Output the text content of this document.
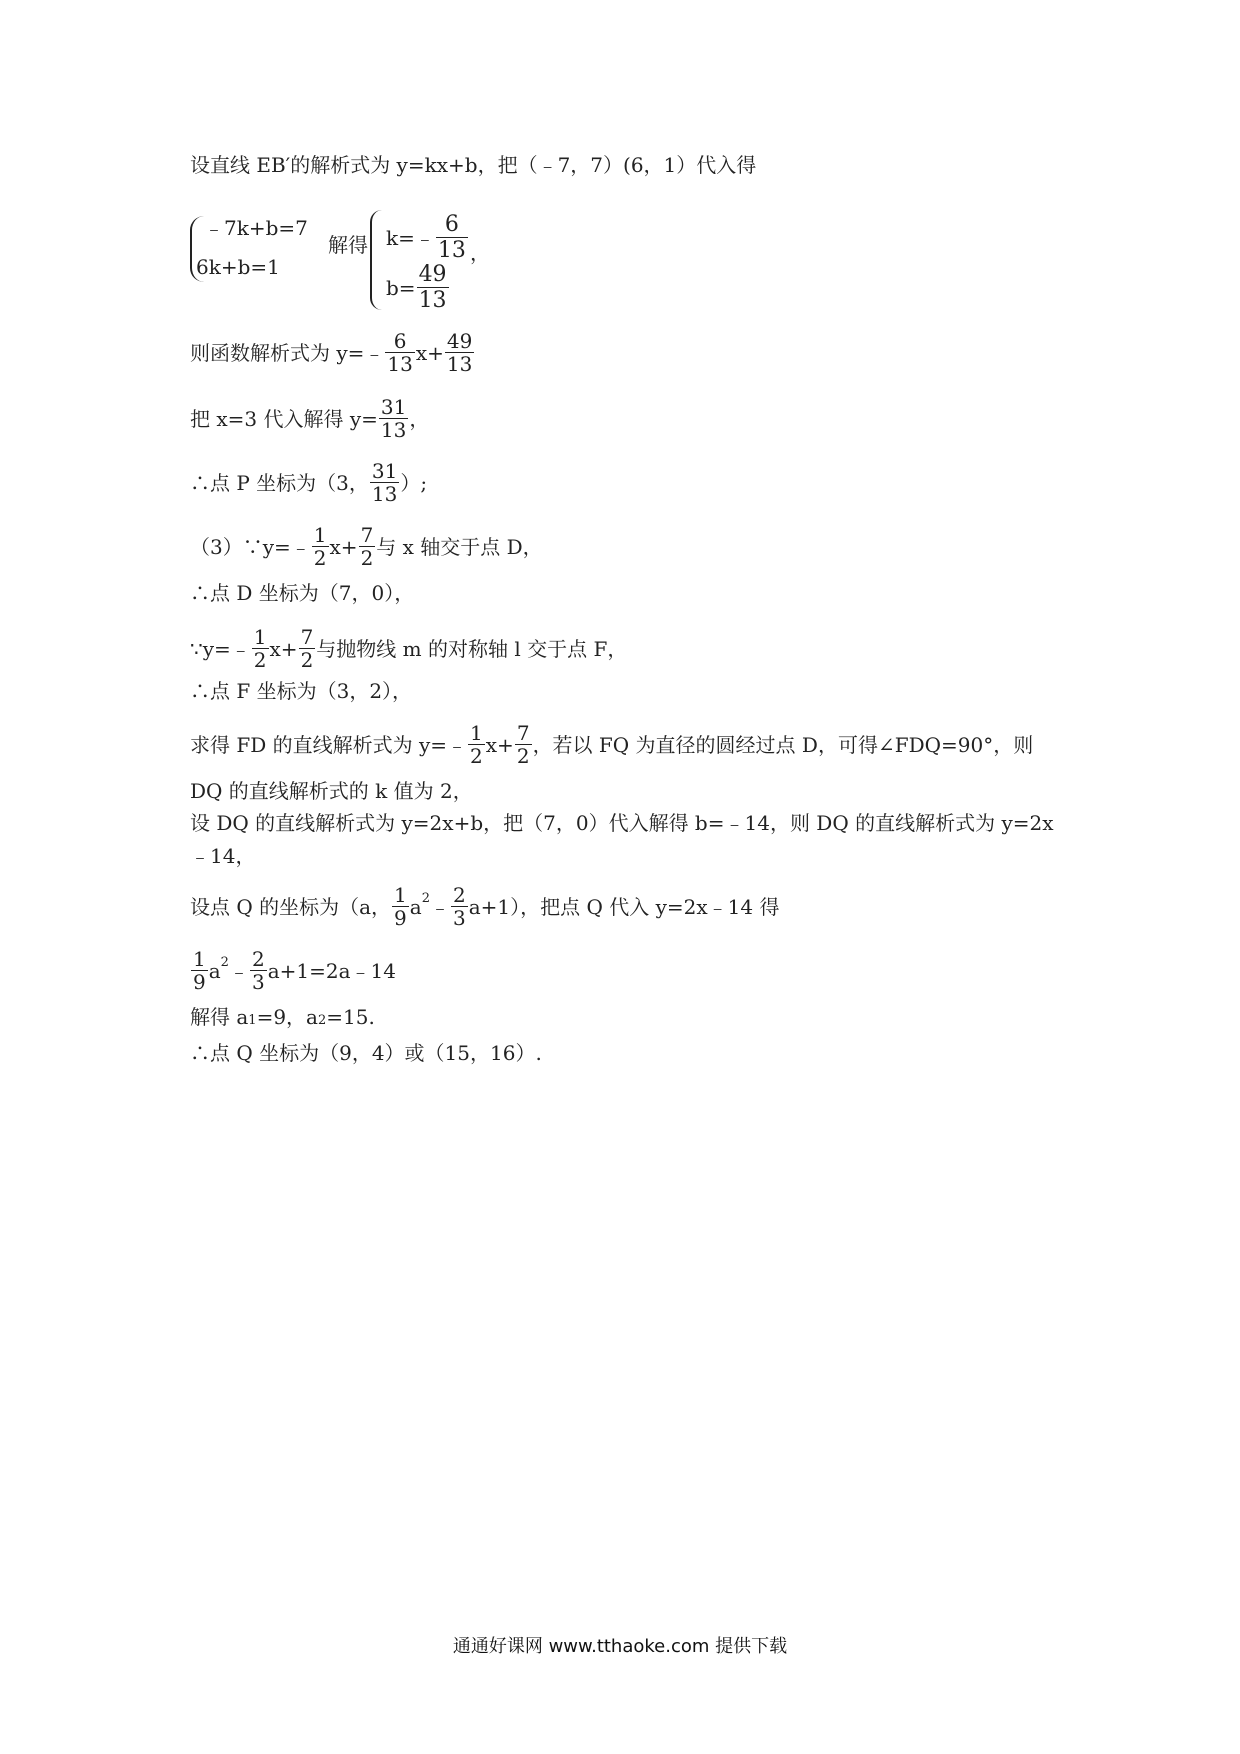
设直线 EB′的解析式为 y=kx+b，把（﹣7，7）(6，1）代入得
﹣7k+b=7
6k+b=1
解得 k=﹣ $\frac{6}{13}$
$b= \frac{49}{13}$
，
则函数解析式为 y=﹣ $\frac{6}{13} x+ \frac{49}{13}$
把 x=3 代入解得 $y= \frac{31}{13}$ ，
∴点 P 坐标为（3， $\frac{31}{13}$ ）;
（3）∵y=﹣ $\frac{1}{2} x+ \frac{7}{2}$ 与 x 轴交于点 D，
∴点 D 坐标为（7，0），
∵y=﹣ $\frac{1}{2} x+ \frac{7}{2}$ 与抛物线 m 的对称轴 l 交于点 F，
∴点 F 坐标为（3，2），
求得 FD 的直线解析式为 y=﹣ $\frac{1}{2} x+ \frac{7}{2}$ ，若以 FQ 为直径的圆经过点 D，可得∠FDQ=90°，则
DQ 的直线解析式的 k 值为 2，
设 DQ 的直线解析式为 y=2x+b，把（7，0）代入解得 b=﹣14，则 DQ 的直线解析式为 y=2x
﹣14，
设点 Q 的坐标为（a， $\frac{1}{9} a^2$ ﹣ $\frac{2}{3} a+1$），把点 Q 代入 y=2x﹣14 得
$\frac{1}{9} a^2$ ﹣ $\frac{2}{3}$ a+1=2a﹣14
解得 $a_1 =9$，$a_2 =15$.
∴点 Q 坐标为（9，4）或（15，16）.
通通好课网 www.tthaoke.com 提供下载
